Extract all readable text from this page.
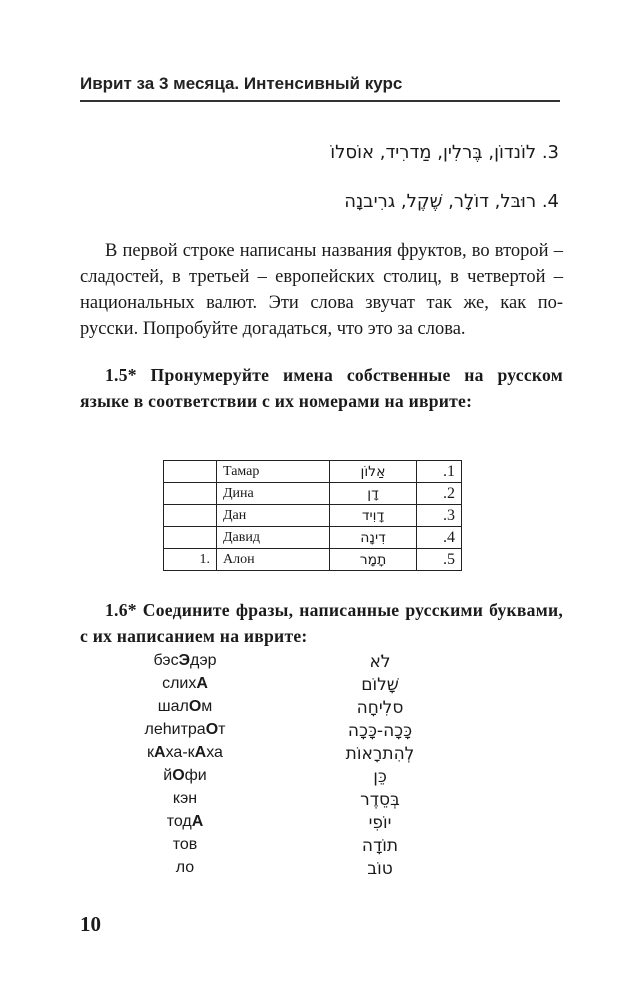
Иврит за 3 месяца. Интенсивный курс
3. לוֹנדוֹן, בֶּרלִין, מַדרִיד, אוֹסלוֹ
4. רוּבּל, דוֹלָר, שֶׁקֶל, גרִיבנָה
В первой строке написаны названия фруктов, во второй – сладостей, в третьей – европейских столиц, в четвертой – национальных валют. Эти слова звучат так же, как по-русски. Попробуйте догадаться, что это за слова.
1.5* Пронумеруйте имена собственные на русском языке в соответствии с их номерами на иврите:
	Тамар	אַלוֹן	.1
	Дина	דָן	.2
	Дан	דָוִיד	.3
	Давид	דִינָה	.4
1.	Алон	תָמָר	.5
1.6* Соедините фразы, написанные русскими буквами, с их написанием на иврите:
бэсЭдэр	לֹא
слихА	שָׁלוֹם
шалОм	סלִיחָה
леhитраОт	כָּכָה-כָּכָה
кАха-кАха	לְהִתרָאוֹת
йОфи	כֵּן
кэн	בְּסֵדֶר
тодА	יוֹפִי
тов	תוֹדָה
ло	טוֹב
10
